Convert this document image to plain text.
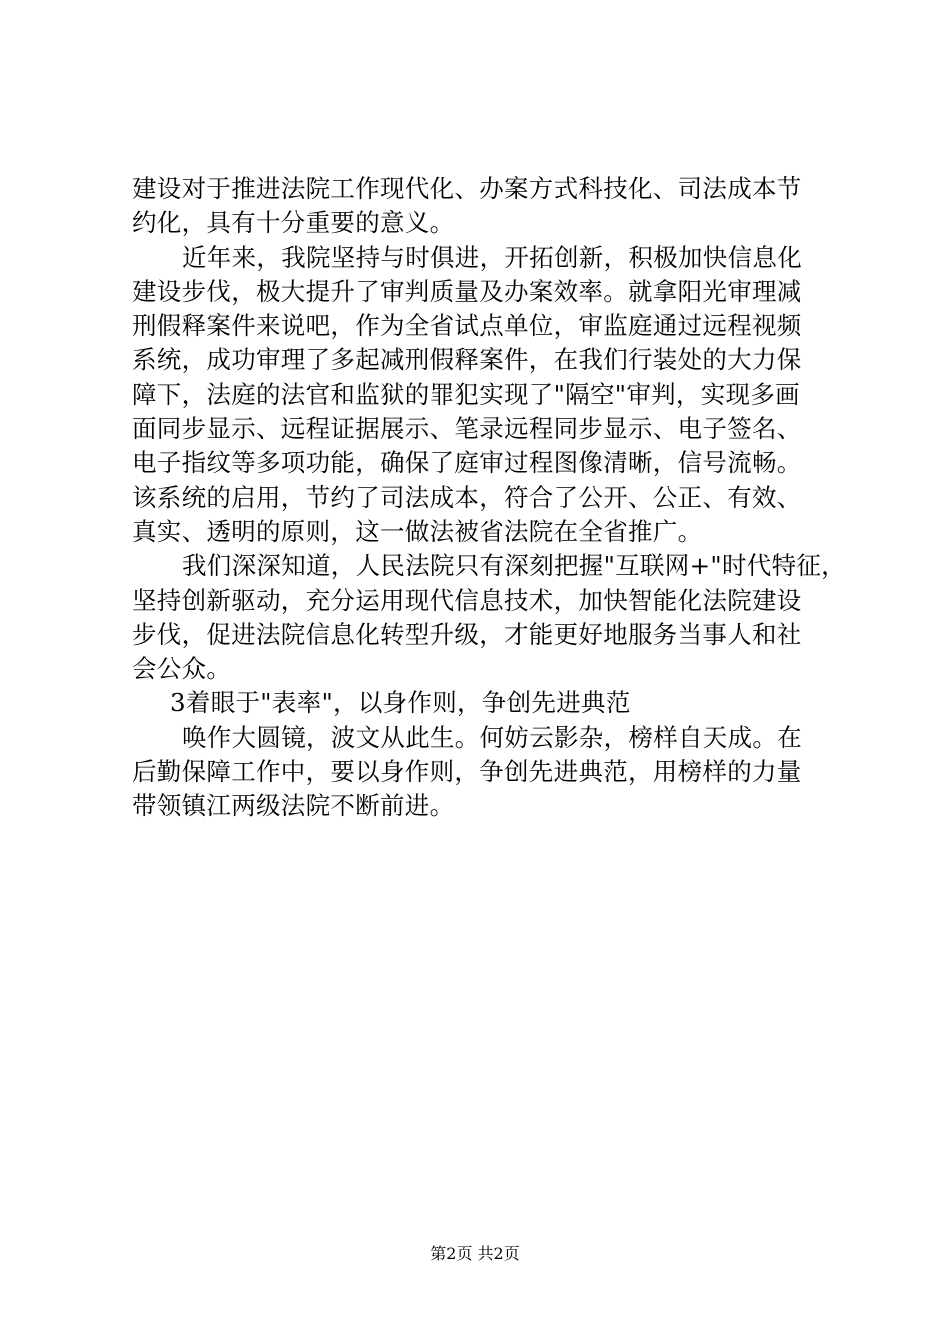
建设对于推进法院工作现代化、办案方式科技化、司法成本节
约化，具有十分重要的意义。
近年来，我院坚持与时俱进，开拓创新，积极加快信息化
建设步伐，极大提升了审判质量及办案效率。就拿阳光审理减
刑假释案件来说吧，作为全省试点单位，审监庭通过远程视频
系统，成功审理了多起减刑假释案件，在我们行装处的大力保
障下，法庭的法官和监狱的罪犯实现了"隔空"审判，实现多画
面同步显示、远程证据展示、笔录远程同步显示、电子签名、
电子指纹等多项功能，确保了庭审过程图像清晰，信号流畅。
该系统的启用，节约了司法成本，符合了公开、公正、有效、
真实、透明的原则，这一做法被省法院在全省推广。
我们深深知道，人民法院只有深刻把握"互联网+"时代特征，
坚持创新驱动，充分运用现代信息技术，加快智能化法院建设
步伐，促进法院信息化转型升级，才能更好地服务当事人和社
会公众。
3着眼于"表率"，以身作则，争创先进典范
唤作大圆镜，波文从此生。何妨云影杂，榜样自天成。在
后勤保障工作中，要以身作则，争创先进典范，用榜样的力量
带领镇江两级法院不断前进。
第2页 共2页
